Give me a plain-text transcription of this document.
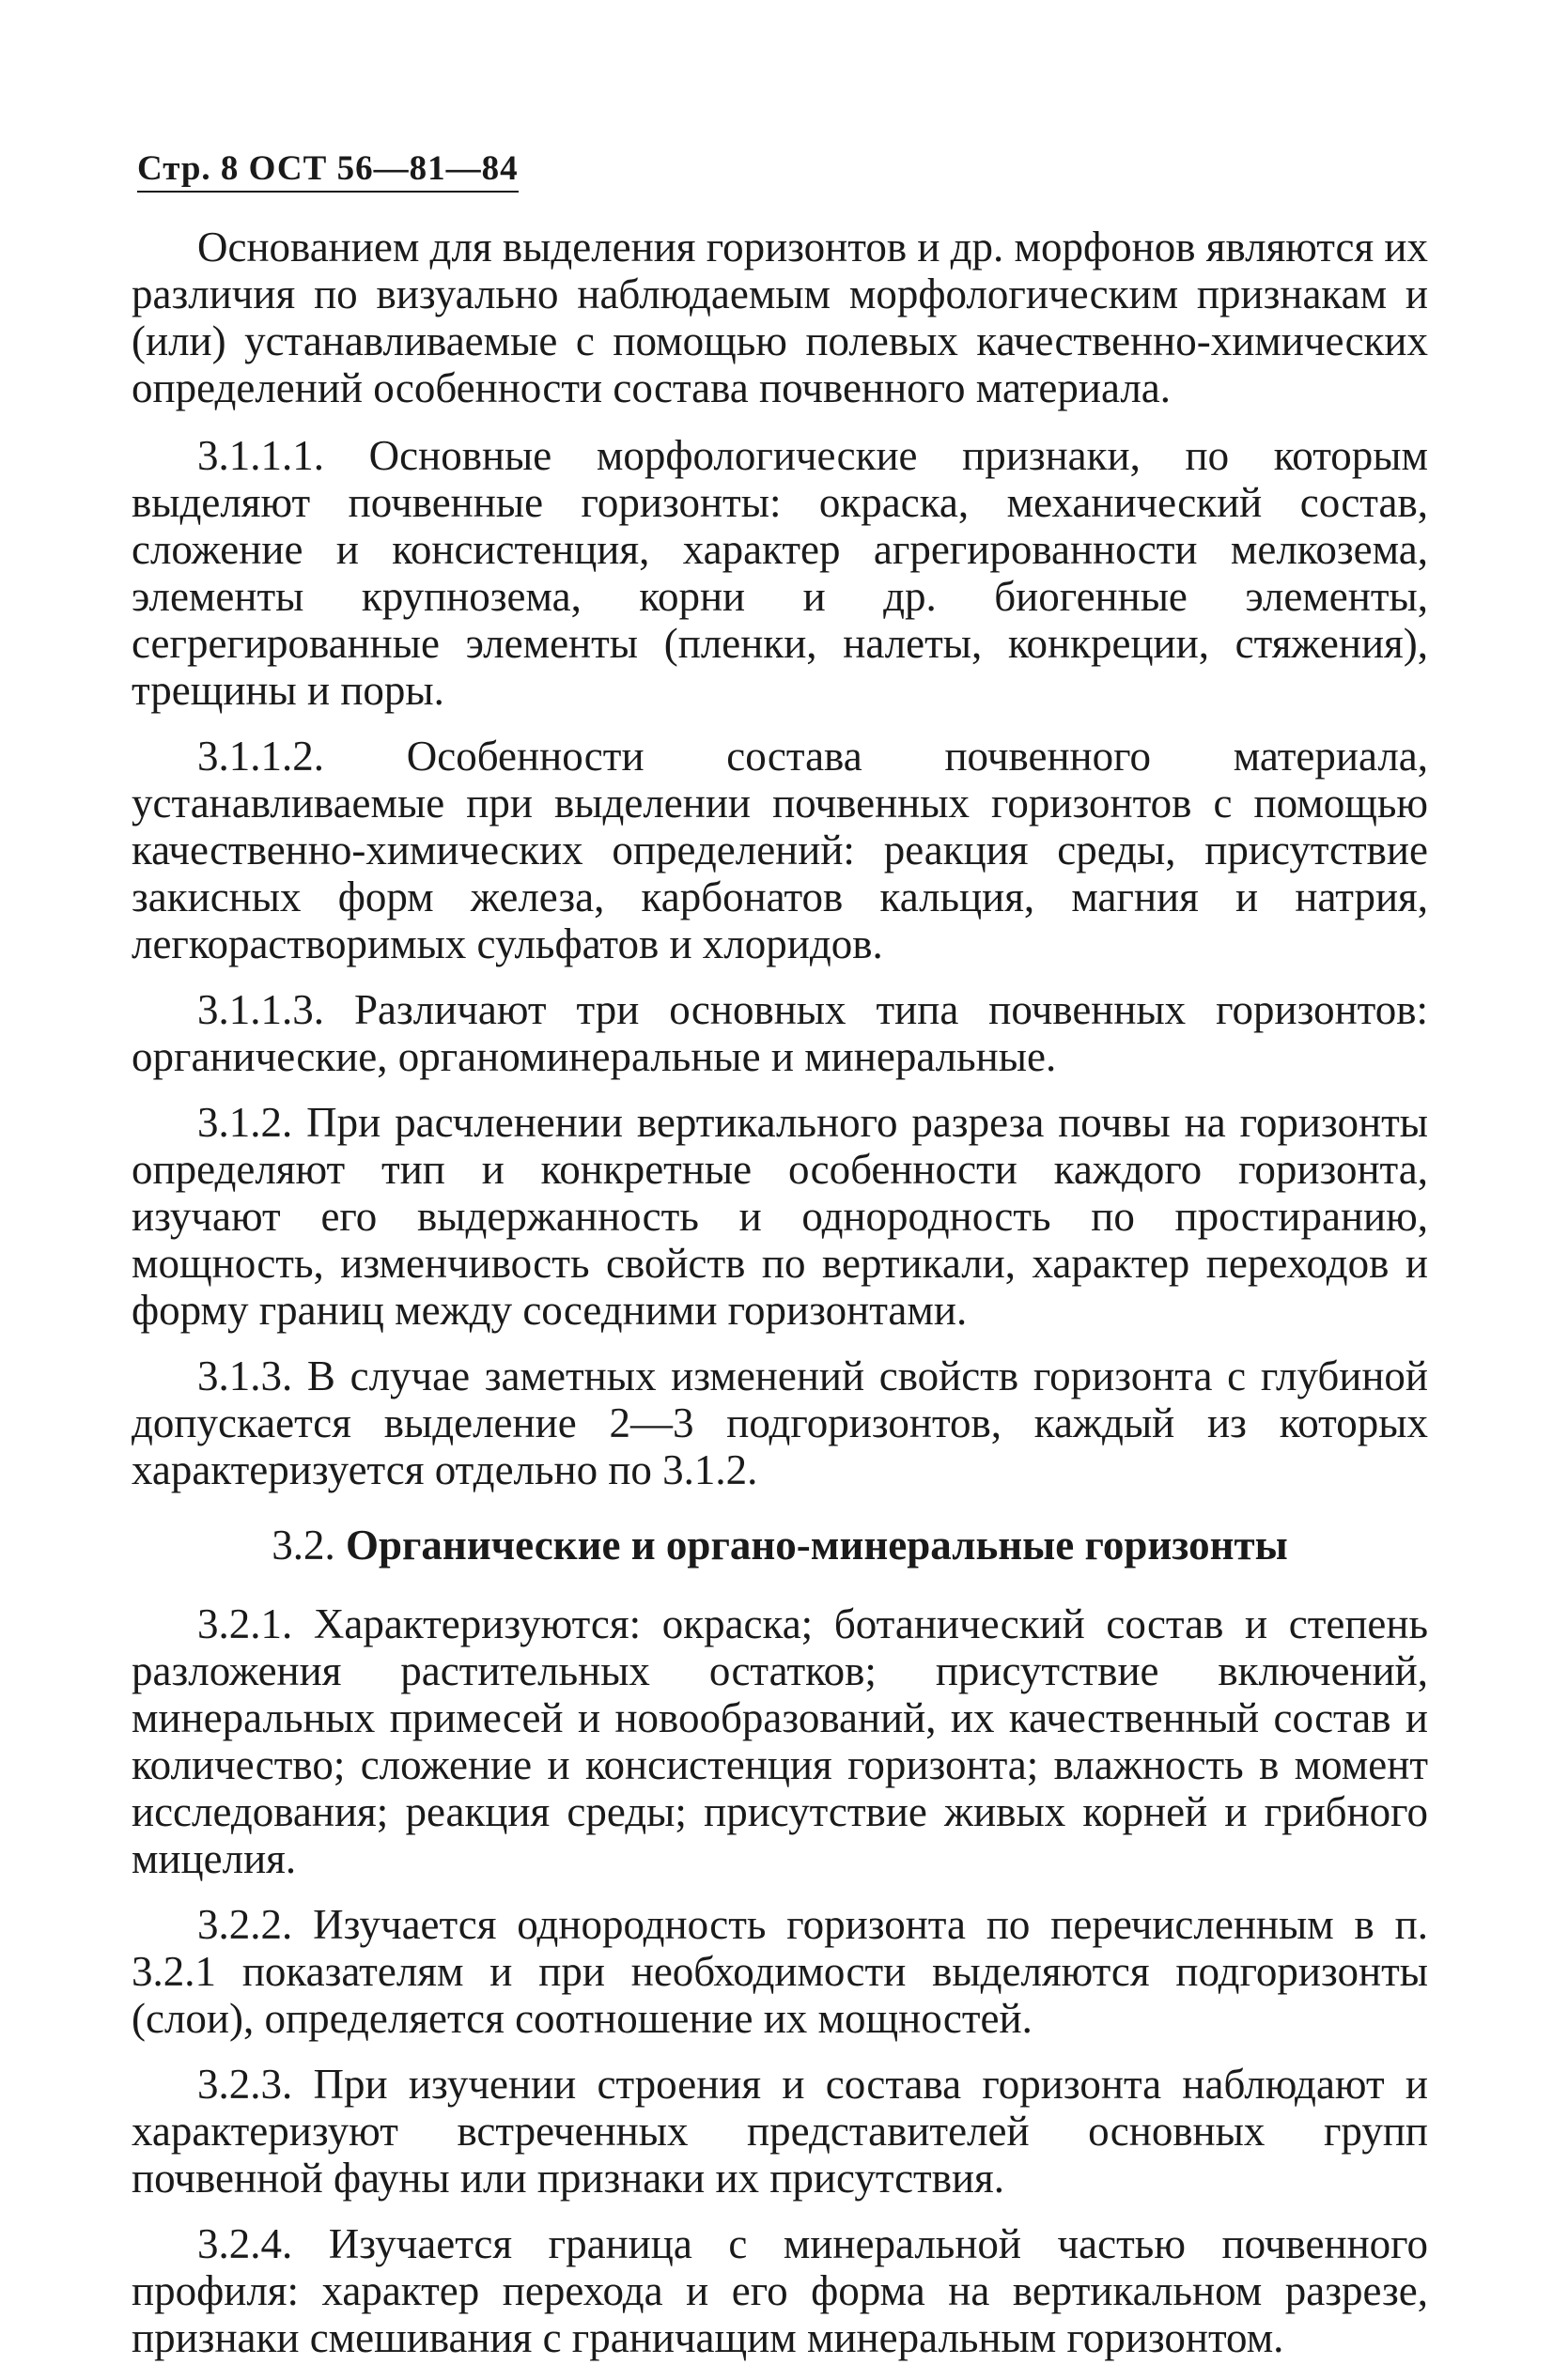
Стр. 8 ОСТ 56—81—84

Основанием для выделения горизонтов и др. морфонов являются их различия по визуально наблюдаемым морфологическим признакам и (или) устанавливаемые с помощью полевых качественно-химических определений особенности состава почвенного материала.

3.1.1.1. Основные морфологические признаки, по которым выделяют почвенные горизонты: окраска, механический состав, сложение и консистенция, характер агрегированности мелкозема, элементы крупнозема, корни и др. биогенные элементы, сегрегированные элементы (пленки, налеты, конкреции, стяжения), трещины и поры.

3.1.1.2. Особенности состава почвенного материала, устанавливаемые при выделении почвенных горизонтов с помощью качественно-химических определений: реакция среды, присутствие закисных форм железа, карбонатов кальция, магния и натрия, легкорастворимых сульфатов и хлоридов.

3.1.1.3. Различают три основных типа почвенных горизонтов: органические, органоминеральные и минеральные.

3.1.2. При расчленении вертикального разреза почвы на горизонты определяют тип и конкретные особенности каждого горизонта, изучают его выдержанность и однородность по простиранию, мощность, изменчивость свойств по вертикали, характер переходов и форму границ между соседними горизонтами.

3.1.3. В случае заметных изменений свойств горизонта с глубиной допускается выделение 2—3 подгоризонтов, каждый из которых характеризуется отдельно по 3.1.2.

3.2. Органические и органо-минеральные горизонты

3.2.1. Характеризуются: окраска; ботанический состав и степень разложения растительных остатков; присутствие включений, минеральных примесей и новообразований, их качественный состав и количество; сложение и консистенция горизонта; влажность в момент исследования; реакция среды; присутствие живых корней и грибного мицелия.

3.2.2. Изучается однородность горизонта по перечисленным в п. 3.2.1 показателям и при необходимости выделяются подгоризонты (слои), определяется соотношение их мощностей.

3.2.3. При изучении строения и состава горизонта наблюдают и характеризуют встреченных представителей основных групп почвенной фауны или признаки их присутствия.

3.2.4. Изучается граница с минеральной частью почвенного профиля: характер перехода и его форма на вертикальном разрезе, признаки смешивания с граничащим минеральным горизонтом.
